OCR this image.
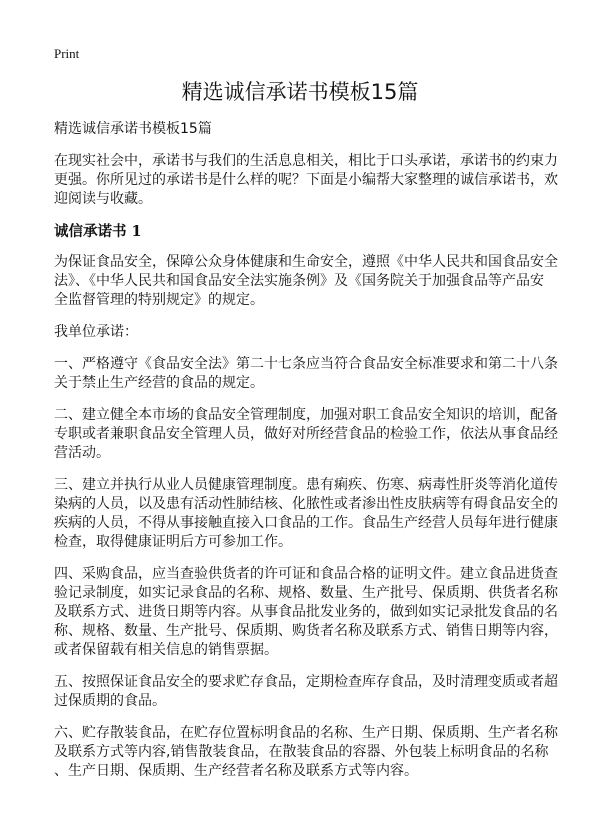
Print
精选诚信承诺书模板15篇

精选诚信承诺书模板15篇

在现实社会中，承诺书与我们的生活息息相关，相比于口头承诺，承诺书的约束力
更强。你所见过的承诺书是什么样的呢？下面是小编帮大家整理的诚信承诺书，欢
迎阅读与收藏。

诚信承诺书 1

为保证食品安全，保障公众身体健康和生命安全，遵照《中华人民共和国食品安全
法》、《中华人民共和国食品安全法实施条例》及《国务院关于加强食品等产品安
全监督管理的特别规定》的规定。

我单位承诺：

一、严格遵守《食品安全法》第二十七条应当符合食品安全标准要求和第二十八条
关于禁止生产经营的食品的规定。

二、建立健全本市场的食品安全管理制度，加强对职工食品安全知识的培训，配备
专职或者兼职食品安全管理人员，做好对所经营食品的检验工作，依法从事食品经
营活动。

三、建立并执行从业人员健康管理制度。患有痢疾、伤寒、病毒性肝炎等消化道传
染病的人员，以及患有活动性肺结核、化脓性或者渗出性皮肤病等有碍食品安全的
疾病的人员，不得从事接触直接入口食品的工作。食品生产经营人员每年进行健康
检查，取得健康证明后方可参加工作。

四、采购食品，应当查验供货者的许可证和食品合格的证明文件。建立食品进货查
验记录制度，如实记录食品的名称、规格、数量、生产批号、保质期、供货者名称
及联系方式、进货日期等内容。从事食品批发业务的，做到如实记录批发食品的名
称、规格、数量、生产批号、保质期、购货者名称及联系方式、销售日期等内容，
或者保留载有相关信息的销售票据。

五、按照保证食品安全的要求贮存食品，定期检查库存食品，及时清理变质或者超
过保质期的食品。

六、贮存散装食品，在贮存位置标明食品的名称、生产日期、保质期、生产者名称
及联系方式等内容,销售散装食品，在散装食品的容器、外包装上标明食品的名称
、生产日期、保质期、生产经营者名称及联系方式等内容。
